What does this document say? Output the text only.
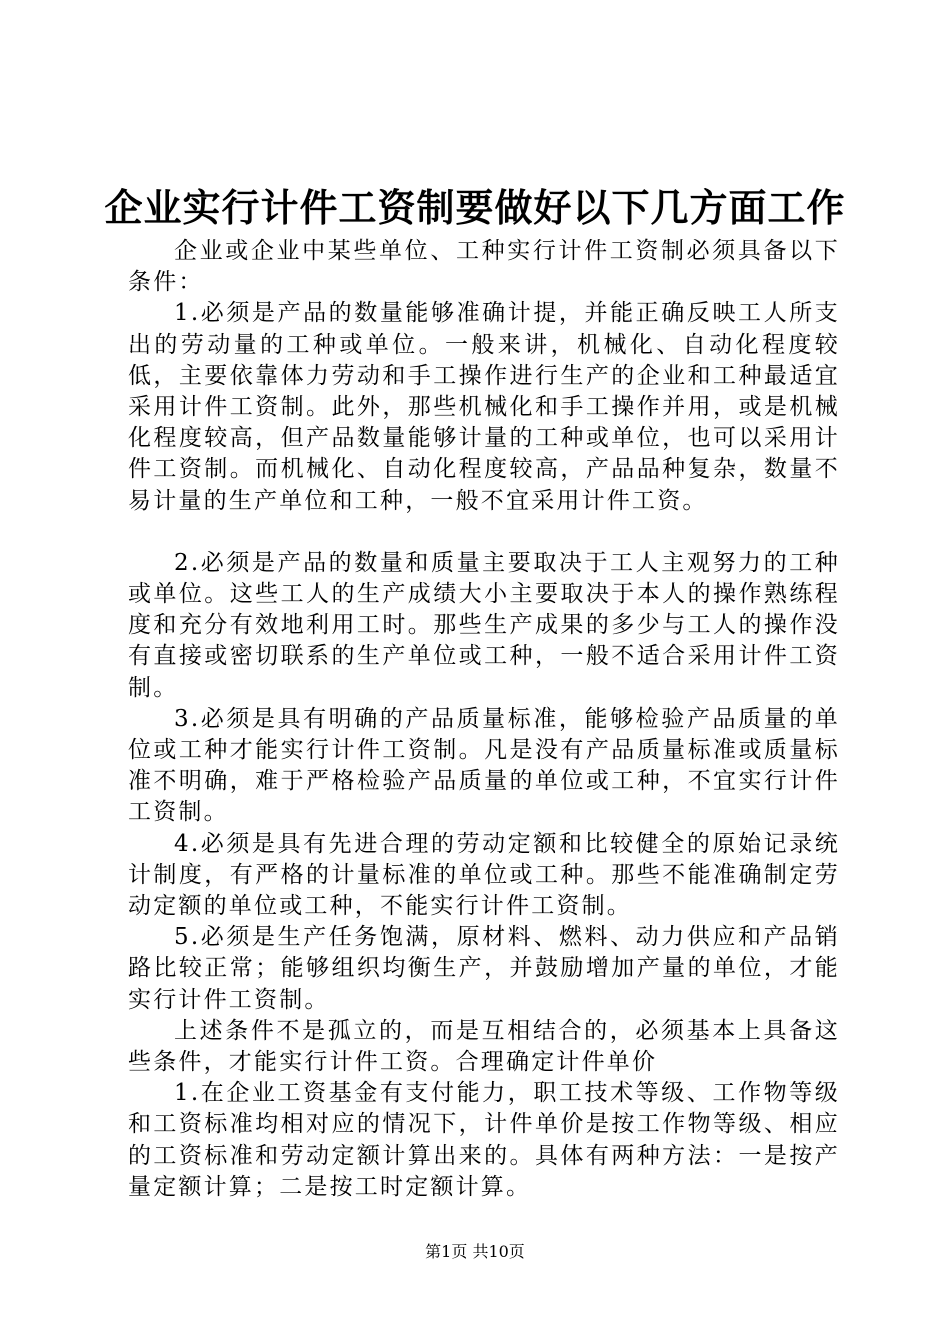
企业实行计件工资制要做好以下几方面工作

企业或企业中某些单位、工种实行计件工资制必须具备以下条件：

1.必须是产品的数量能够准确计提，并能正确反映工人所支出的劳动量的工种或单位。一般来讲，机械化、自动化程度较低，主要依靠体力劳动和手工操作进行生产的企业和工种最适宜采用计件工资制。此外，那些机械化和手工操作并用，或是机械化程度较高，但产品数量能够计量的工种或单位，也可以采用计件工资制。而机械化、自动化程度较高，产品品种复杂，数量不易计量的生产单位和工种，一般不宜采用计件工资。

2.必须是产品的数量和质量主要取决于工人主观努力的工种或单位。这些工人的生产成绩大小主要取决于本人的操作熟练程度和充分有效地利用工时。那些生产成果的多少与工人的操作没有直接或密切联系的生产单位或工种，一般不适合采用计件工资制。

3.必须是具有明确的产品质量标准，能够检验产品质量的单位或工种才能实行计件工资制。凡是没有产品质量标准或质量标准不明确，难于严格检验产品质量的单位或工种，不宜实行计件工资制。

4.必须是具有先进合理的劳动定额和比较健全的原始记录统计制度，有严格的计量标准的单位或工种。那些不能准确制定劳动定额的单位或工种，不能实行计件工资制。

5.必须是生产任务饱满，原材料、燃料、动力供应和产品销路比较正常；能够组织均衡生产，并鼓励增加产量的单位，才能实行计件工资制。

上述条件不是孤立的，而是互相结合的，必须基本上具备这些条件，才能实行计件工资。合理确定计件单价

1.在企业工资基金有支付能力，职工技术等级、工作物等级和工资标准均相对应的情况下，计件单价是按工作物等级、相应的工资标准和劳动定额计算出来的。具体有两种方法：一是按产量定额计算；二是按工时定额计算。

第1页 共10页
